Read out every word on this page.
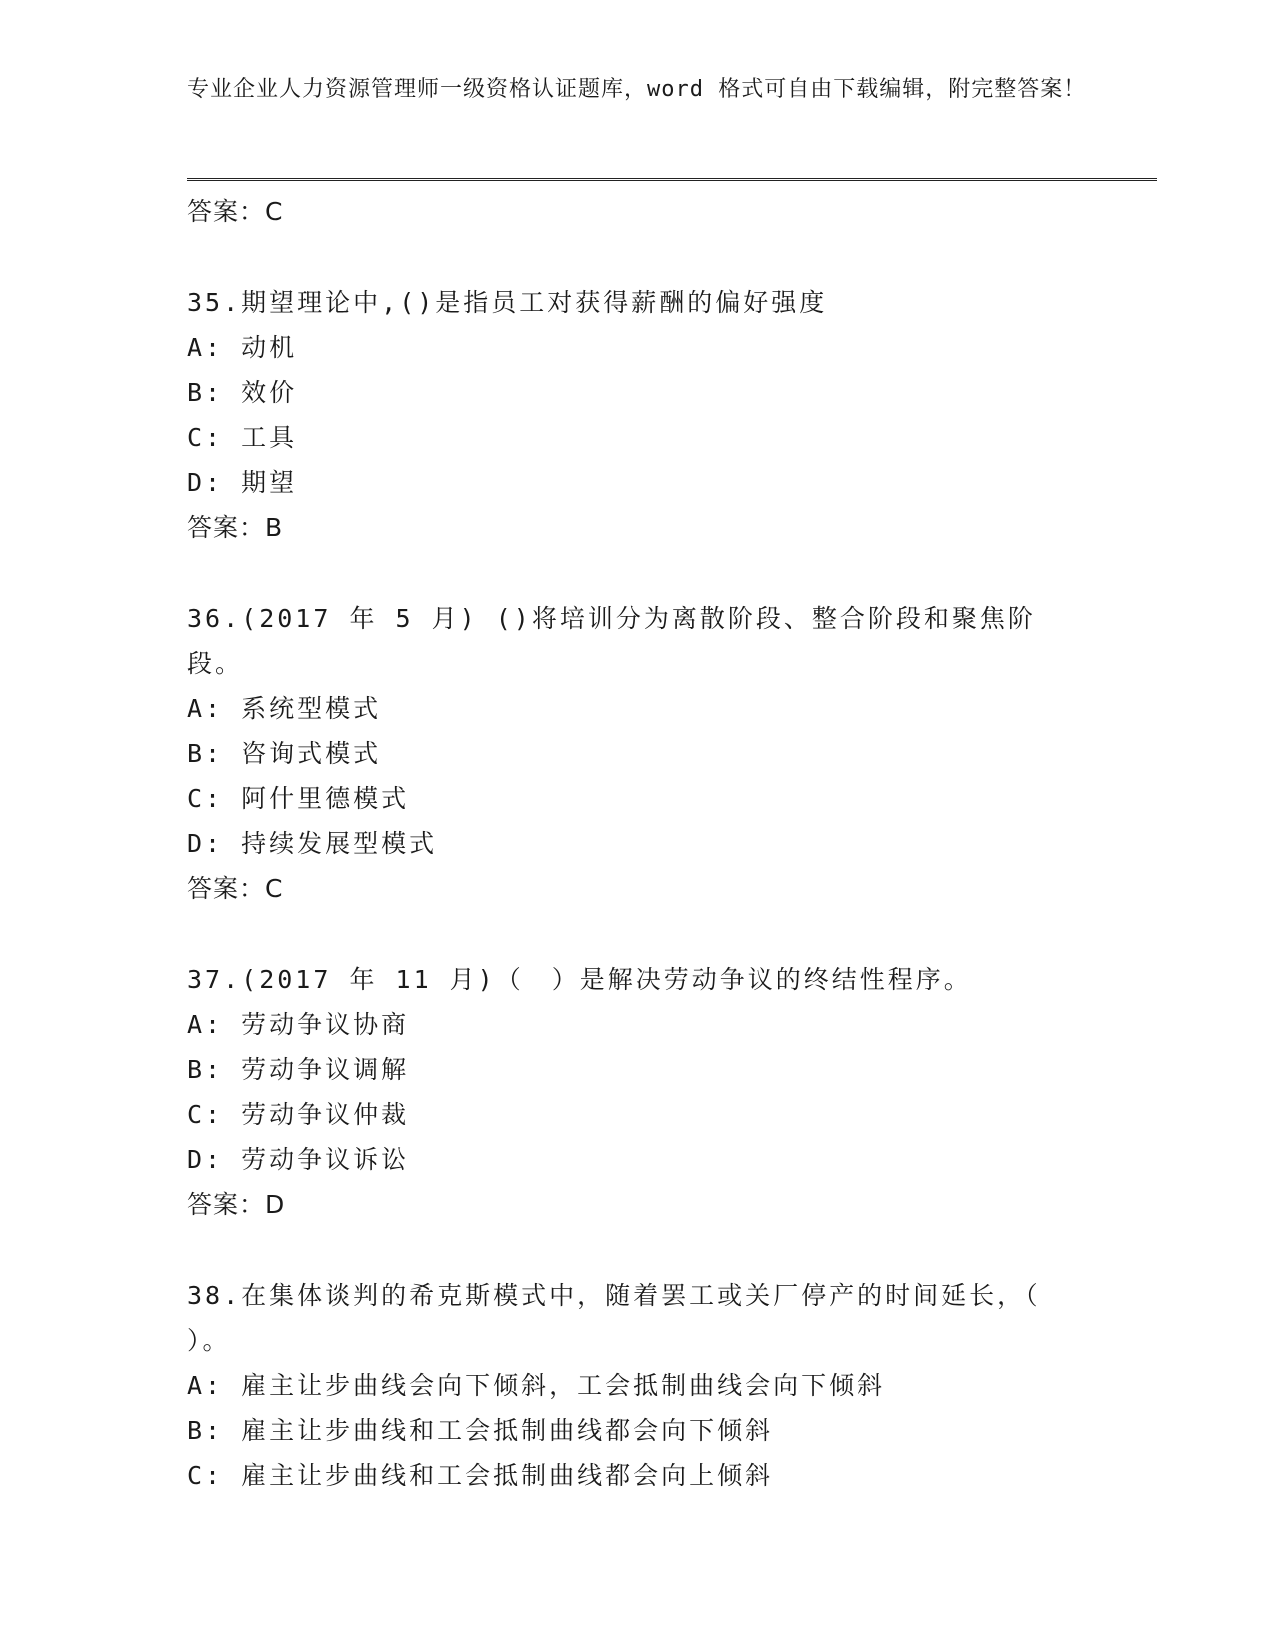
专业企业人力资源管理师一级资格认证题库，word 格式可自由下载编辑，附完整答案！
答案：C
35.期望理论中,()是指员工对获得薪酬的偏好强度
A: 动机
B: 效价
C: 工具
D: 期望
答案：B
36.(2017 年 5 月) ()将培训分为离散阶段、整合阶段和聚焦阶段。
A: 系统型模式
B: 咨询式模式
C: 阿什里德模式
D: 持续发展型模式
答案：C
37.(2017 年 11 月)（　）是解决劳动争议的终结性程序。
A: 劳动争议协商
B: 劳动争议调解
C: 劳动争议仲裁
D: 劳动争议诉讼
答案：D
38.在集体谈判的希克斯模式中，随着罢工或关厂停产的时间延长，（
）。
A: 雇主让步曲线会向下倾斜，工会抵制曲线会向下倾斜
B: 雇主让步曲线和工会抵制曲线都会向下倾斜
C: 雇主让步曲线和工会抵制曲线都会向上倾斜
